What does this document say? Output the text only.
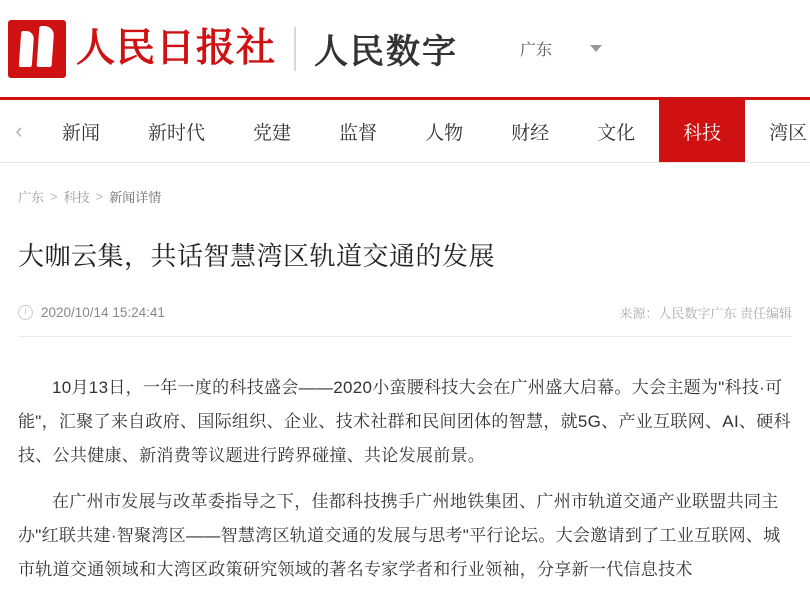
人民日报社 人民数字	广东
‹	新闻	新时代	党建	监督	人物	财经	文化	科技	湾区
广东 > 科技 > 新闻详情
大咖云集，共话智慧湾区轨道交通的发展
2020/10/14 15:24:41	来源：人民数字广东 责任编辑

10月13日，一年一度的科技盛会——2020小蛮腰科技大会在广州盛大启幕。大会主题为"科技·可能"，汇聚了来自政府、国际组织、企业、技术社群和民间团体的智慧，就5G、产业互联网、AI、硬科技、公共健康、新消费等议题进行跨界碰撞、共论发展前景。

在广州市发展与改革委指导之下，佳都科技携手广州地铁集团、广州市轨道交通产业联盟共同主办"红联共建·智聚湾区——智慧湾区轨道交通的发展与思考"平行论坛。大会邀请到了工业互联网、城市轨道交通领域和大湾区政策研究领域的著名专家学者和行业领袖，分享新一代信息技术
